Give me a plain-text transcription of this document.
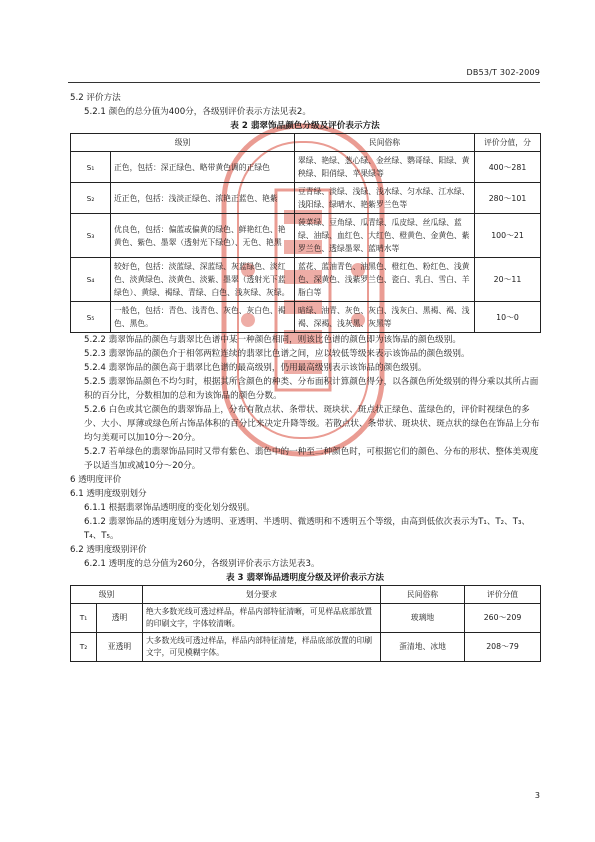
DB53/T 302-2009

5.2 评价方法

5.2.1 颜色的总分值为400分，各级别评价表示方法见表2。

表 2 翡翠饰品颜色分级及评价表示方法

级别		民间俗称	评价分值，分
S₁	正色，包括：深正绿色、略带黄色调的正绿色	翠绿、艳绿、葱心绿、金丝绿、鹦哥绿、阳绿、黄秧绿、阳俏绿、苹果绿等	400～281
S₂	近正色，包括：浅淡正绿色、浓艳正蓝色、艳紫	豆青绿、淡绿、浅绿、浅水绿、匀水绿、江水绿、浅阳绿、绿晴水、艳紫罗兰色等	280～101
S₃	优良色，包括：偏蓝或偏黄的绿色、鲜艳红色、艳黄色、紫色、墨翠（透射光下绿色）、无色、艳黑	菠菜绿、豆角绿、瓜青绿、瓜皮绿、丝瓜绿、蓝绿、油绿、血红色、大红色、橙黄色、金黄色、紫罗兰色、透绿墨翠、蓝晴水等	100～21
S₄	较好色，包括：淡蓝绿、深蓝绿、灰蓝绿色、淡红色、淡黄绿色、淡黄色、淡紫、墨翠（透射光下蓝绿色）、黄绿、褐绿、青绿、白色、浅灰绿、灰绿。	蓝花、蓝油青色、油黑色、橙红色、粉红色、浅黄色、深黄色、浅紫罗兰色、瓷白、乳白、雪白、羊脂白等	20～11
S₅	一般色，包括：青色、浅青色、灰色、灰白色、褐色、黑色。	暗绿、油青、灰色、灰白、浅灰白、黑褐、褐、浅褐、深褐、浅灰黑、灰黑等	10～0

5.2.2 翡翠饰品的颜色与翡翠比色谱中某一种颜色相同，则该比色谱的颜色即为该饰品的颜色级别。

5.2.3 翡翠饰品的颜色介于相邻两粒连续的翡翠比色谱之间，应以较低等级来表示该饰品的颜色级别。

5.2.4 翡翠饰品的颜色高于翡翠比色谱的最高级别，仍用最高级别表示该饰品的颜色级别。

5.2.5 翡翠饰品颜色不均匀时，根据其所含颜色的种类、分布面积计算颜色得分，以各颜色所处级别的得分乘以其所占面积的百分比，分数相加的总和为该饰品的颜色分数。

5.2.6 白色或其它颜色的翡翠饰品上，分布有散点状、条带状、斑块状、斑点状正绿色、蓝绿色的，评价时视绿色的多少、大小、厚薄或绿色所占饰品体积的百分比来决定升降等级。若散点状、条带状、斑块状、斑点状的绿色在饰品上分布均匀美观可以加10分～20分。

5.2.7 若单绿色的翡翠饰品同时又带有紫色、翡色中的一种至二种颜色时，可根据它们的颜色、分布的形状、整体美观度予以适当加或减10分～20分。

6 透明度评价

6.1 透明度级别划分

6.1.1 根据翡翠饰品透明度的变化划分级别。

6.1.2 翡翠饰品的透明度划分为透明、亚透明、半透明、微透明和不透明五个等级，由高到低依次表示为T₁、T₂、T₃、T₄、T₅。

6.2 透明度级别评价

6.2.1 透明度的总分值为260分，各级别评价表示方法见表3。

表 3 翡翠饰品透明度分级及评价表示方法

级别		划分要求	民间俗称	评价分值
T₁	透明	绝大多数光线可透过样品，样品内部特征清晰，可见样品底部放置的印刷文字，字体较清晰。	玻璃地	260～209
T₂	亚透明	大多数光线可透过样品，样品内部特征清楚，样品底部放置的印刷文字，可见模糊字体。	蛋清地、冰地	208～79
3
